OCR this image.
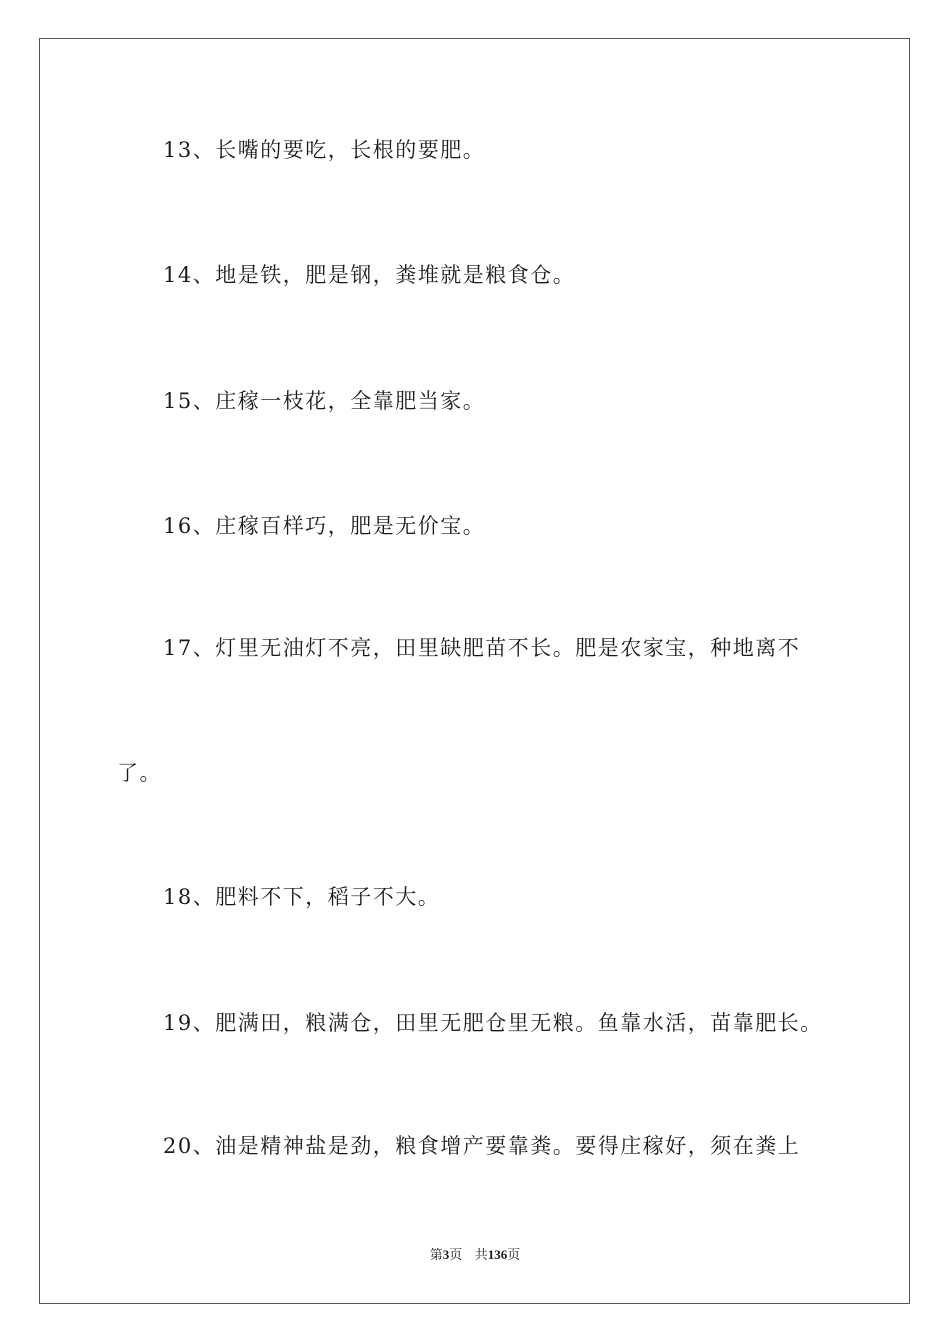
13、长嘴的要吃，长根的要肥。
14、地是铁，肥是钢，粪堆就是粮食仓。
15、庄稼一枝花，全靠肥当家。
16、庄稼百样巧，肥是无价宝。
17、灯里无油灯不亮，田里缺肥苗不长。肥是农家宝，种地离不
了。
18、肥料不下，稻子不大。
19、肥满田，粮满仓，田里无肥仓里无粮。鱼靠水活，苗靠肥长。
20、油是精神盐是劲，粮食增产要靠粪。要得庄稼好，须在粪上
第3页 共136页
